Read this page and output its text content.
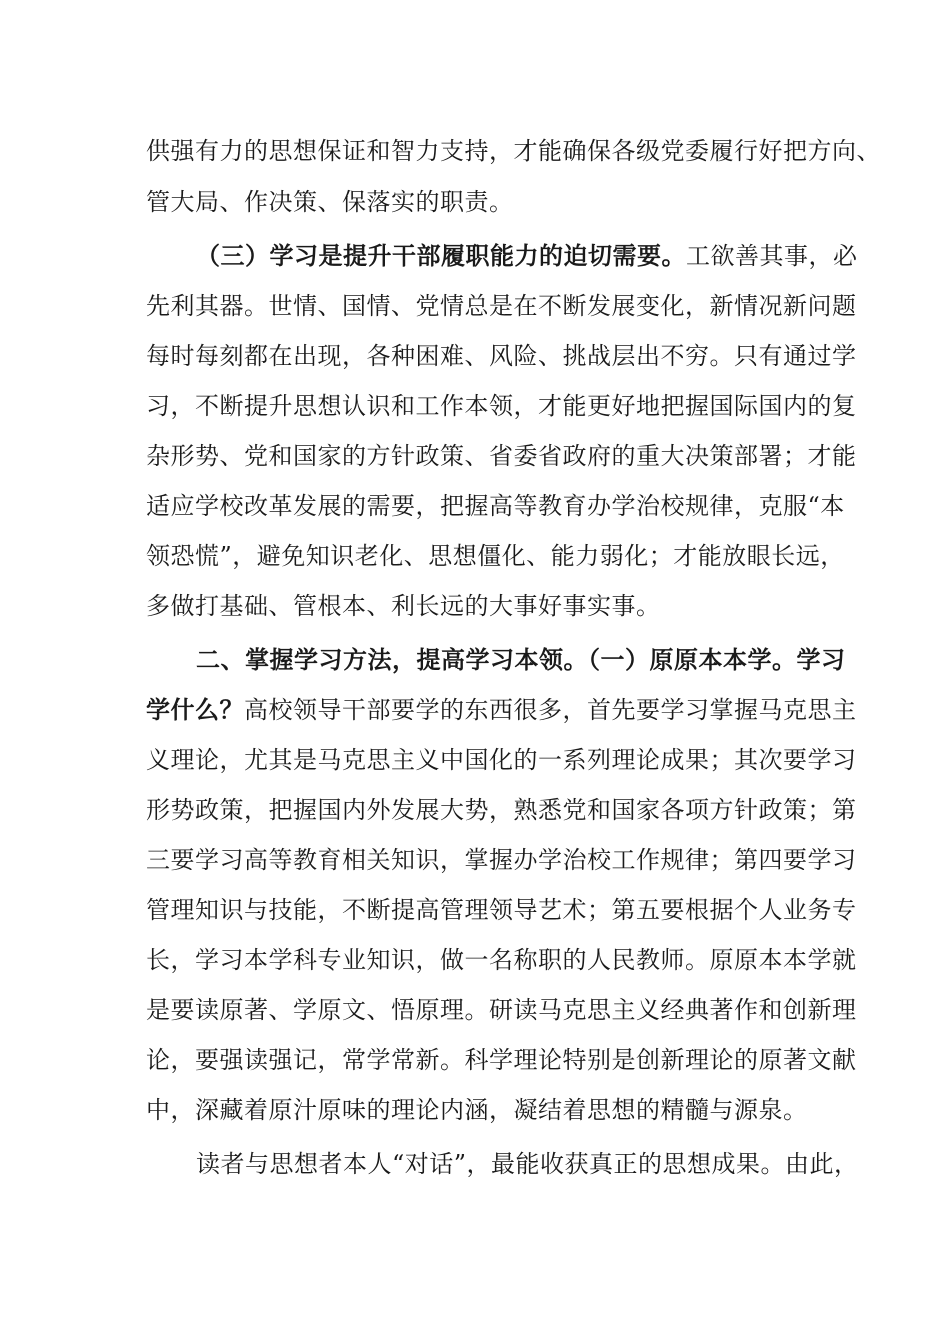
供强有力的思想保证和智力支持，才能确保各级党委履行好把方向、
管大局、作决策、保落实的职责。
（三）学习是提升干部履职能力的迫切需要。工欲善其事，必
先利其器。世情、国情、党情总是在不断发展变化，新情况新问题
每时每刻都在出现，各种困难、风险、挑战层出不穷。只有通过学
习，不断提升思想认识和工作本领，才能更好地把握国际国内的复
杂形势、党和国家的方针政策、省委省政府的重大决策部署；才能
适应学校改革发展的需要，把握高等教育办学治校规律，克服“本
领恐慌”，避免知识老化、思想僵化、能力弱化；才能放眼长远，
多做打基础、管根本、利长远的大事好事实事。
二、掌握学习方法，提高学习本领。（一）原原本本学。学习
学什么？高校领导干部要学的东西很多，首先要学习掌握马克思主
义理论，尤其是马克思主义中国化的一系列理论成果；其次要学习
形势政策，把握国内外发展大势，熟悉党和国家各项方针政策；第
三要学习高等教育相关知识，掌握办学治校工作规律；第四要学习
管理知识与技能，不断提高管理领导艺术；第五要根据个人业务专
长，学习本学科专业知识，做一名称职的人民教师。原原本本学就
是要读原著、学原文、悟原理。研读马克思主义经典著作和创新理
论，要强读强记，常学常新。科学理论特别是创新理论的原著文献
中，深藏着原汁原味的理论内涵，凝结着思想的精髓与源泉。
读者与思想者本人“对话”，最能收获真正的思想成果。由此，
